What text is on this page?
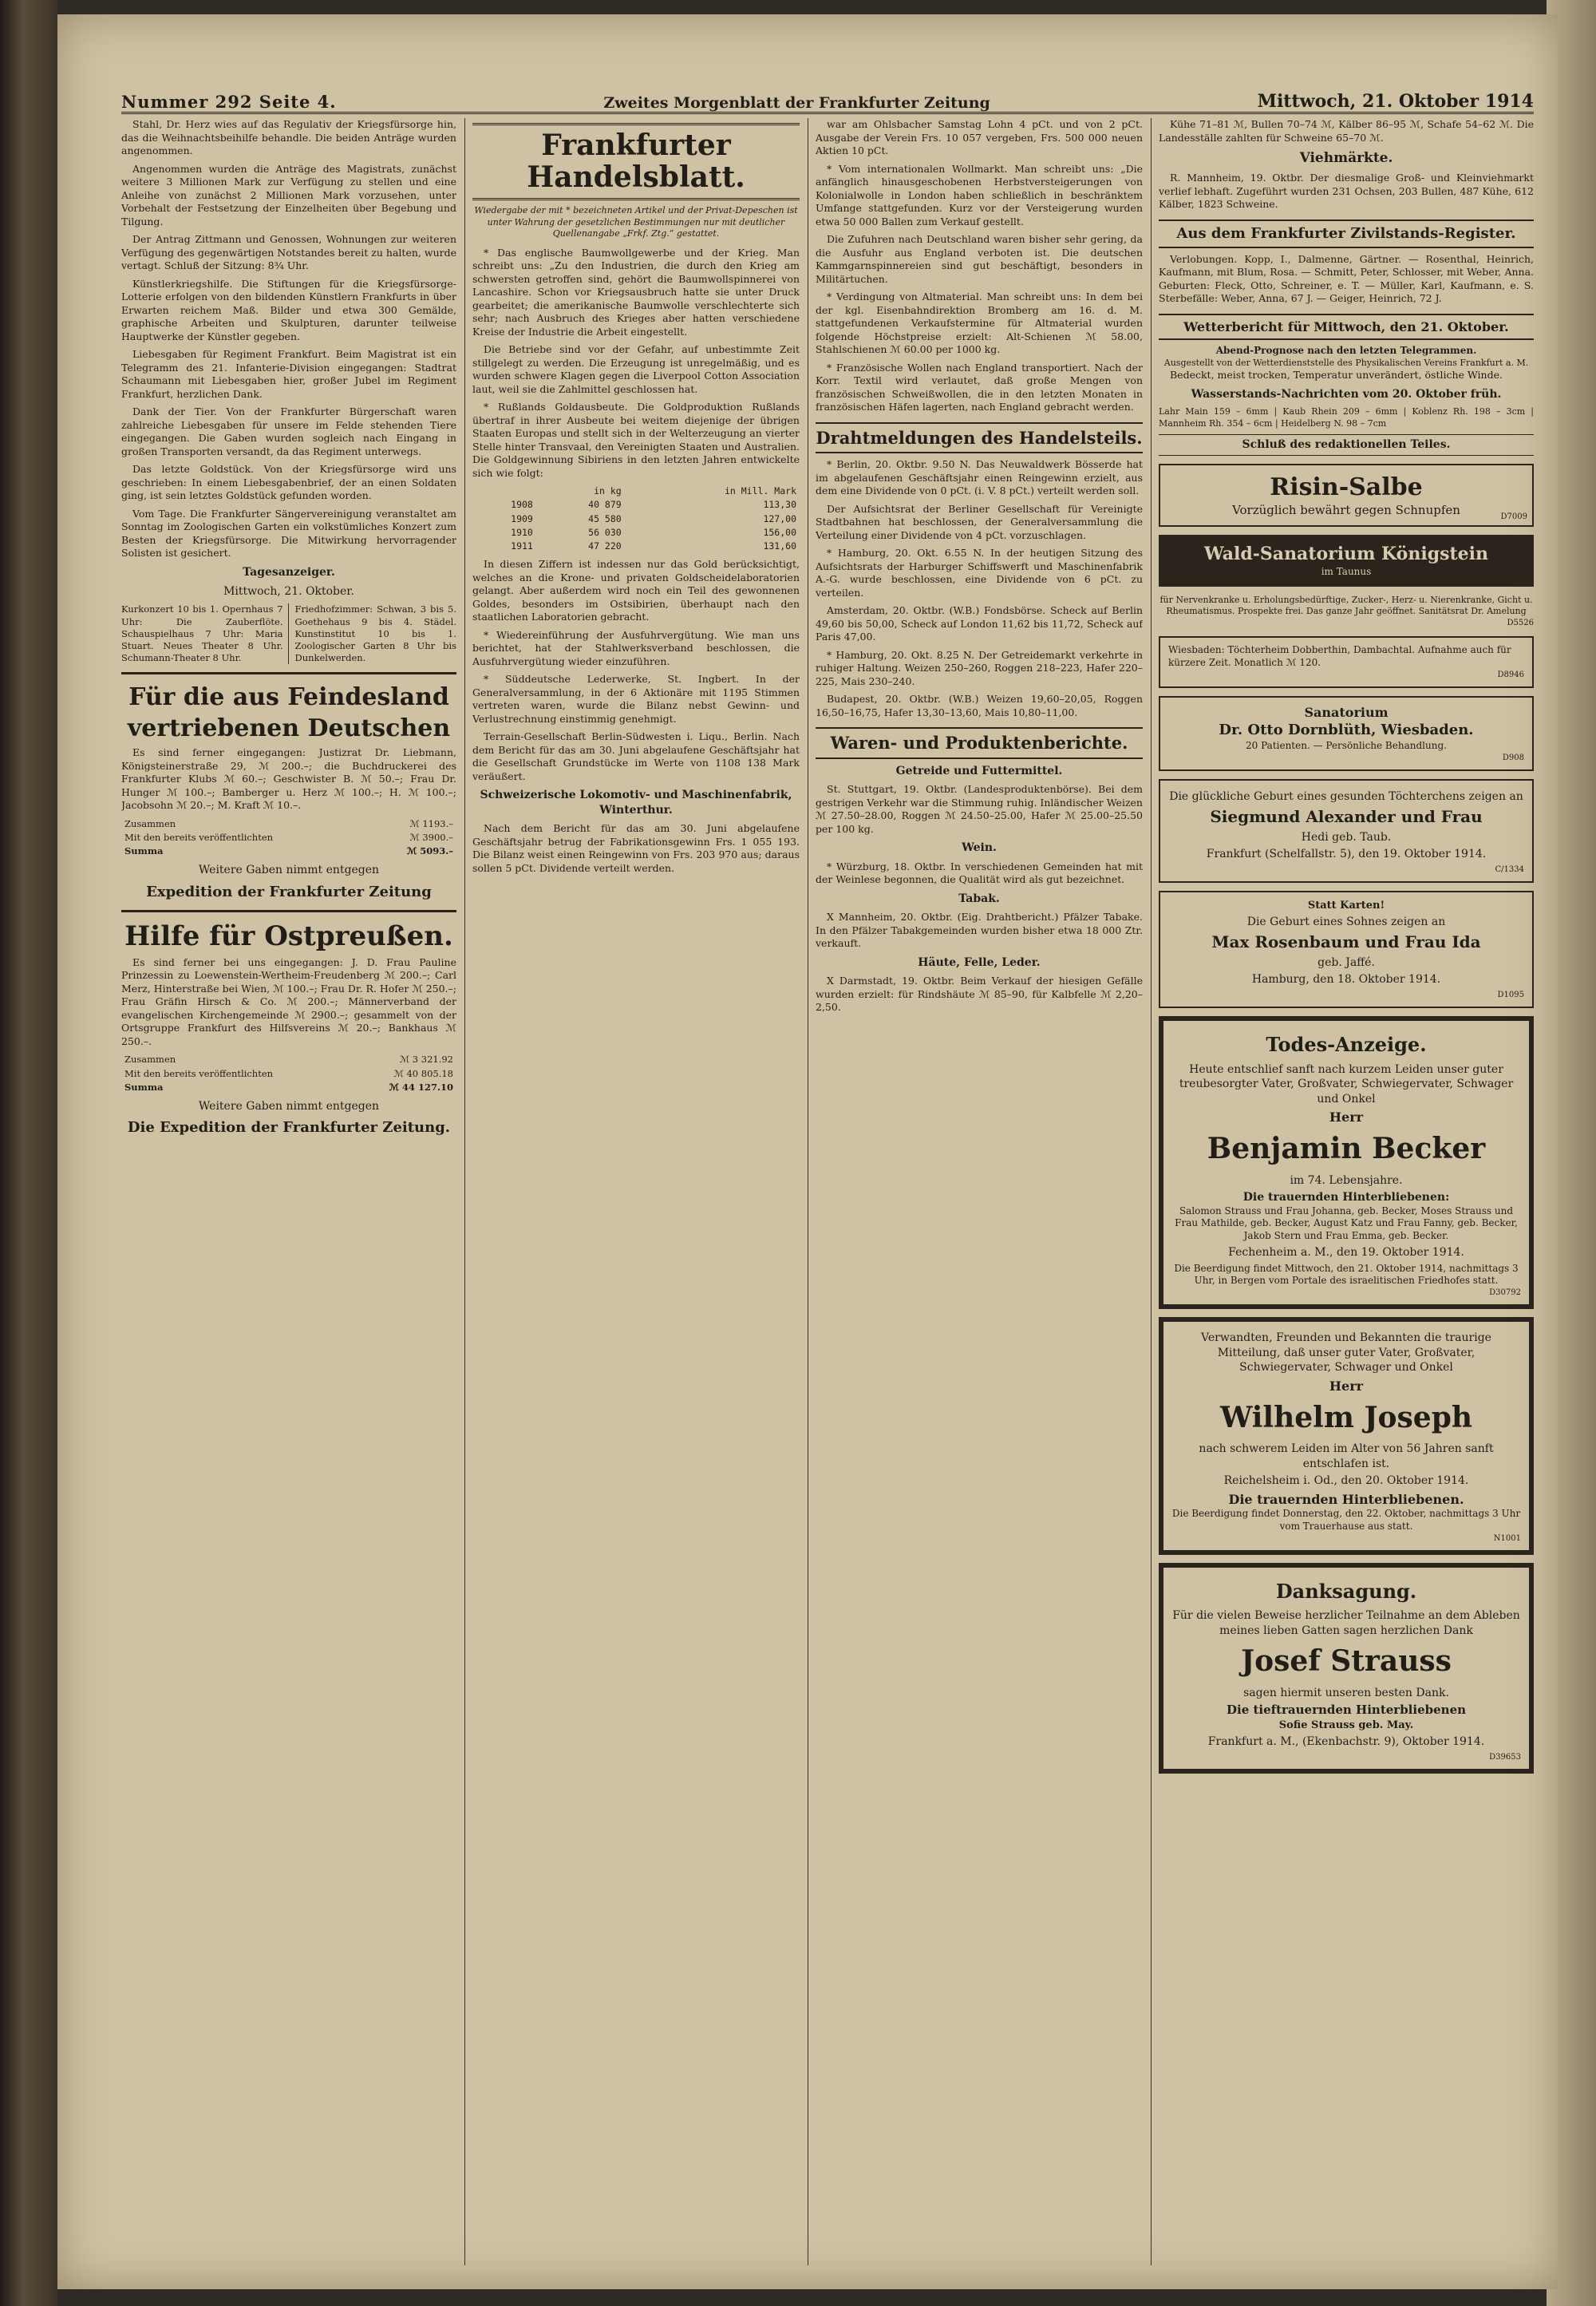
Nummer 292 Seite 4.	Zweites Morgenblatt der Frankfurter Zeitung	Mittwoch, 21. Oktober 1914

Stahl, Dr. Herz wies auf das Regulativ der Kriegsfürsorge hin, das die Weihnachtsbeihilfe behandle. Die beiden Anträge wurden angenommen.

Angenommen wurden die Anträge des Magistrats, zunächst weitere 3 Millionen Mark zur Verfügung zu stellen und eine Anleihe von zunächst 2 Millionen Mark vorzusehen, unter Vorbehalt der Festsetzung der Einzelheiten über Begebung und Tilgung.

Der Antrag Zittmann und Genossen, Wohnungen zur weiteren Verfügung des gegenwärtigen Notstandes bereit zu halten, wurde vertagt. Schluß der Sitzung: 8¾ Uhr.

Künstlerkriegshilfe. Die Stiftungen für die Kriegsfürsorge-Lotterie erfolgen von den bildenden Künstlern Frankfurts in über Erwarten reichem Maß. Bilder und etwa 300 Gemälde, graphische Arbeiten und Skulpturen, darunter teilweise Hauptwerke der Künstler gegeben.

Liebesgaben für Regiment Frankfurt. Beim Magistrat ist ein Telegramm des 21. Infanterie-Division eingegangen: Stadtrat Schaumann mit Liebesgaben hier, großer Jubel im Regiment Frankfurt, herzlichen Dank.

Dank der Tier. Von der Frankfurter Bürgerschaft waren zahlreiche Liebesgaben für unsere im Felde stehenden Tiere eingegangen. Die Gaben wurden sogleich nach Eingang in großen Transporten versandt, da das Regiment unterwegs.

Das letzte Goldstück. Von der Kriegsfürsorge wird uns geschrieben: In einem Liebesgabenbrief, der an einen Soldaten ging, ist sein letztes Goldstück gefunden worden.

Vom Tage. Die Frankfurter Sängervereinigung veranstaltet am Sonntag im Zoologischen Garten ein volkstümliches Konzert zum Besten der Kriegsfürsorge. Die Mitwirkung hervorragender Solisten ist gesichert.

Tagesanzeiger.
Mittwoch, 21. Oktober.
Kurkonzert 10 bis 1. Opernhaus 7 Uhr: Die Zauberflöte. Schauspielhaus 7 Uhr: Maria Stuart. Neues Theater 8 Uhr. Schumann-Theater 8 Uhr.
Friedhofzimmer: Schwan, 3 bis 5. Goethehaus 9 bis 4. Städel. Kunstinstitut 10 bis 1. Zoologischer Garten 8 Uhr bis Dunkelwerden.
Für die aus Feindesland
vertriebenen Deutschen

Es sind ferner eingegangen: Justizrat Dr. Liebmann, Königsteinerstraße 29, ℳ 200.–; die Buchdruckerei des Frankfurter Klubs ℳ 60.–; Geschwister B. ℳ 50.–; Frau Dr. Hunger ℳ 100.–; Bamberger u. Herz ℳ 100.–; H. ℳ 100.–; Jacobsohn ℳ 20.–; M. Kraft ℳ 10.–.

Zusammen	ℳ 1193.–
Mit den bereits veröffentlichten	ℳ 3900.–
Summa	ℳ 5093.–
Weitere Gaben nimmt entgegen
Expedition der Frankfurter Zeitung
Hilfe für Ostpreußen.

Es sind ferner bei uns eingegangen: J. D. Frau Pauline Prinzessin zu Loewenstein-Wertheim-Freudenberg ℳ 200.–; Carl Merz, Hinterstraße bei Wien, ℳ 100.–; Frau Dr. R. Hofer ℳ 250.–; Frau Gräfin Hirsch & Co. ℳ 200.–; Männerverband der evangelischen Kirchengemeinde ℳ 2900.–; gesammelt von der Ortsgruppe Frankfurt des Hilfsvereins ℳ 20.–; Bankhaus ℳ 250.–.

Zusammen	ℳ 3 321.92
Mit den bereits veröffentlichten	ℳ 40 805.18
Summa	ℳ 44 127.10
Weitere Gaben nimmt entgegen
Die Expedition der Frankfurter Zeitung.
Frankfurter Handelsblatt.
Wiedergabe der mit * bezeichneten Artikel und der Privat-Depeschen ist unter Wahrung der gesetzlichen Bestimmungen nur mit deutlicher Quellenangabe „Frkf. Ztg.“ gestattet.

* Das englische Baumwollgewerbe und der Krieg. Man schreibt uns: „Zu den Industrien, die durch den Krieg am schwersten getroffen sind, gehört die Baumwollspinnerei von Lancashire. Schon vor Kriegsausbruch hatte sie unter Druck gearbeitet; die amerikanische Baumwolle verschlechterte sich sehr; nach Ausbruch des Krieges aber hatten verschiedene Kreise der Industrie die Arbeit eingestellt.

Die Betriebe sind vor der Gefahr, auf unbestimmte Zeit stillgelegt zu werden. Die Erzeugung ist unregelmäßig, und es wurden schwere Klagen gegen die Liverpool Cotton Association laut, weil sie die Zahlmittel geschlossen hat.

* Rußlands Goldausbeute. Die Goldproduktion Rußlands übertraf in ihrer Ausbeute bei weitem diejenige der übrigen Staaten Europas und stellt sich in der Welterzeugung an vierter Stelle hinter Transvaal, den Vereinigten Staaten und Australien. Die Goldgewinnung Sibiriens in den letzten Jahren entwickelte sich wie folgt:

	in kg	in Mill. Mark
1908	40 879	113,30
1909	45 580	127,00
1910	56 030	156,00
1911	47 220	131,60

In diesen Ziffern ist indessen nur das Gold berücksichtigt, welches an die Krone- und privaten Goldscheidelaboratorien gelangt. Aber außerdem wird noch ein Teil des gewonnenen Goldes, besonders im Ostsibirien, überhaupt nach den staatlichen Laboratorien gebracht.

* Wiedereinführung der Ausfuhrvergütung. Wie man uns berichtet, hat der Stahlwerksverband beschlossen, die Ausfuhrvergütung wieder einzuführen.

* Süddeutsche Lederwerke, St. Ingbert. In der Generalversammlung, in der 6 Aktionäre mit 1195 Stimmen vertreten waren, wurde die Bilanz nebst Gewinn- und Verlustrechnung einstimmig genehmigt.

Terrain-Gesellschaft Berlin-Südwesten i. Liqu., Berlin. Nach dem Bericht für das am 30. Juni abgelaufene Geschäftsjahr hat die Gesellschaft Grundstücke im Werte von 1108 138 Mark veräußert.

Schweizerische Lokomotiv- und Maschinenfabrik, Winterthur.

Nach dem Bericht für das am 30. Juni abgelaufene Geschäftsjahr betrug der Fabrikationsgewinn Frs. 1 055 193. Die Bilanz weist einen Reingewinn von Frs. 203 970 aus; daraus sollen 5 pCt. Dividende verteilt werden.

war am Ohlsbacher Samstag Lohn 4 pCt. und von 2 pCt. Ausgabe der Verein Frs. 10 057 vergeben, Frs. 500 000 neuen Aktien 10 pCt.

* Vom internationalen Wollmarkt. Man schreibt uns: „Die anfänglich hinausgeschobenen Herbstversteigerungen von Kolonialwolle in London haben schließlich in beschränktem Umfange stattgefunden. Kurz vor der Versteigerung wurden etwa 50 000 Ballen zum Verkauf gestellt.

Die Zufuhren nach Deutschland waren bisher sehr gering, da die Ausfuhr aus England verboten ist. Die deutschen Kammgarnspinnereien sind gut beschäftigt, besonders in Militärtuchen.

* Verdingung von Altmaterial. Man schreibt uns: In dem bei der kgl. Eisenbahndirektion Bromberg am 16. d. M. stattgefundenen Verkaufstermine für Altmaterial wurden folgende Höchstpreise erzielt: Alt-Schienen ℳ 58.00, Stahlschienen ℳ 60.00 per 1000 kg.

* Französische Wollen nach England transportiert. Nach der Korr. Textil wird verlautet, daß große Mengen von französischen Schweißwollen, die in den letzten Monaten in französischen Häfen lagerten, nach England gebracht werden.

Drahtmeldungen des Handelsteils.

* Berlin, 20. Oktbr. 9.50 N. Das Neuwaldwerk Bösserde hat im abgelaufenen Geschäftsjahr einen Reingewinn erzielt, aus dem eine Dividende von 0 pCt. (i. V. 8 pCt.) verteilt werden soll.

Der Aufsichtsrat der Berliner Gesellschaft für Vereinigte Stadtbahnen hat beschlossen, der Generalversammlung die Verteilung einer Dividende von 4 pCt. vorzuschlagen.

* Hamburg, 20. Okt. 6.55 N. In der heutigen Sitzung des Aufsichtsrats der Harburger Schiffswerft und Maschinenfabrik A.-G. wurde beschlossen, eine Dividende von 6 pCt. zu verteilen.

Amsterdam, 20. Oktbr. (W.B.) Fondsbörse. Scheck auf Berlin 49,60 bis 50,00, Scheck auf London 11,62 bis 11,72, Scheck auf Paris 47,00.

* Hamburg, 20. Okt. 8.25 N. Der Getreidemarkt verkehrte in ruhiger Haltung. Weizen 250–260, Roggen 218–223, Hafer 220–225, Mais 230–240.

Budapest, 20. Oktbr. (W.B.) Weizen 19,60–20,05, Roggen 16,50–16,75, Hafer 13,30–13,60, Mais 10,80–11,00.

Waren- und Produktenberichte.
Getreide und Futtermittel.

St. Stuttgart, 19. Oktbr. (Landesproduktenbörse). Bei dem gestrigen Verkehr war die Stimmung ruhig. Inländischer Weizen ℳ 27.50–28.00, Roggen ℳ 24.50–25.00, Hafer ℳ 25.00–25.50 per 100 kg.

Wein.

* Würzburg, 18. Oktbr. In verschiedenen Gemeinden hat mit der Weinlese begonnen, die Qualität wird als gut bezeichnet.

Tabak.

X Mannheim, 20. Oktbr. (Eig. Drahtbericht.) Pfälzer Tabake. In den Pfälzer Tabakgemeinden wurden bisher etwa 18 000 Ztr. verkauft.

Häute, Felle, Leder.

X Darmstadt, 19. Oktbr. Beim Verkauf der hiesigen Gefälle wurden erzielt: für Rindshäute ℳ 85–90, für Kalbfelle ℳ 2,20–2,50.

Kühe 71–81 ℳ, Bullen 70–74 ℳ, Kälber 86–95 ℳ, Schafe 54–62 ℳ. Die Landesställe zahlten für Schweine 65–70 ℳ.

Viehmärkte.

R. Mannheim, 19. Oktbr. Der diesmalige Groß- und Kleinviehmarkt verlief lebhaft. Zugeführt wurden 231 Ochsen, 203 Bullen, 487 Kühe, 612 Kälber, 1823 Schweine.

Aus dem Frankfurter Zivilstands-Register.

Verlobungen. Kopp, I., Dalmenne, Gärtner. — Rosenthal, Heinrich, Kaufmann, mit Blum, Rosa. — Schmitt, Peter, Schlosser, mit Weber, Anna. Geburten: Fleck, Otto, Schreiner, e. T. — Müller, Karl, Kaufmann, e. S. Sterbefälle: Weber, Anna, 67 J. — Geiger, Heinrich, 72 J.

Wetterbericht für Mittwoch, den 21. Oktober.
Abend-Prognose nach den letzten Telegrammen.
Ausgestellt von der Wetterdienststelle des Physikalischen Vereins Frankfurt a. M.

Bedeckt, meist trocken, Temperatur unverändert, östliche Winde.

Wasserstands-Nachrichten vom 20. Oktober früh.
Lahr Main 159 – 6mm | Kaub Rhein 209 – 6mm | Koblenz Rh. 198 – 3cm | Mannheim Rh. 354 – 6cm | Heidelberg N. 98 – 7cm
Schluß des redaktionellen Teiles.
Risin-Salbe
Vorzüglich bewährt gegen Schnupfen	D7009
Wald-Sanatorium Königstein
im Taunus
für Nervenkranke u. Erholungsbedürftige, Zucker-, Herz- u. Nierenkranke, Gicht u. Rheumatismus. Prospekte frei. Das ganze Jahr geöffnet. Sanitätsrat Dr. Amelung
D5526
Wiesbaden: Töchterheim Dobberthin, Dambachtal. Aufnahme auch für kürzere Zeit. Monatlich ℳ 120.
D8946
Sanatorium
Dr. Otto Dornblüth, Wiesbaden.
20 Patienten. — Persönliche Behandlung.
D908
Die glückliche Geburt eines gesunden Töchterchens zeigen an
Siegmund Alexander und Frau
Hedi geb. Taub.
Frankfurt (Schelfallstr. 5), den 19. Oktober 1914.
C/1334
Statt Karten!
Die Geburt eines Sohnes zeigen an
Max Rosenbaum und Frau Ida
geb. Jaffé.
Hamburg, den 18. Oktober 1914.
D1095
Todes-Anzeige.
Heute entschlief sanft nach kurzem Leiden unser guter treubesorgter Vater, Großvater, Schwiegervater, Schwager und Onkel
Herr
Benjamin Becker
im 74. Lebensjahre.
Die trauernden Hinterbliebenen:
Salomon Strauss und Frau Johanna, geb. Becker, Moses Strauss und Frau Mathilde, geb. Becker, August Katz und Frau Fanny, geb. Becker, Jakob Stern und Frau Emma, geb. Becker.
Fechenheim a. M., den 19. Oktober 1914.
Die Beerdigung findet Mittwoch, den 21. Oktober 1914, nachmittags 3 Uhr, in Bergen vom Portale des israelitischen Friedhofes statt.
D30792
Verwandten, Freunden und Bekannten die traurige Mitteilung, daß unser guter Vater, Großvater, Schwiegervater, Schwager und Onkel
Herr
Wilhelm Joseph
nach schwerem Leiden im Alter von 56 Jahren sanft entschlafen ist.
Reichelsheim i. Od., den 20. Oktober 1914.
Die trauernden Hinterbliebenen.
Die Beerdigung findet Donnerstag, den 22. Oktober, nachmittags 3 Uhr vom Trauerhause aus statt.
N1001
Danksagung.
Für die vielen Beweise herzlicher Teilnahme an dem Ableben meines lieben Gatten sagen herzlichen Dank
Josef Strauss
sagen hiermit unseren besten Dank.
Die tieftrauernden Hinterbliebenen
Sofie Strauss geb. May.
Frankfurt a. M., (Ekenbachstr. 9), Oktober 1914.
D39653
